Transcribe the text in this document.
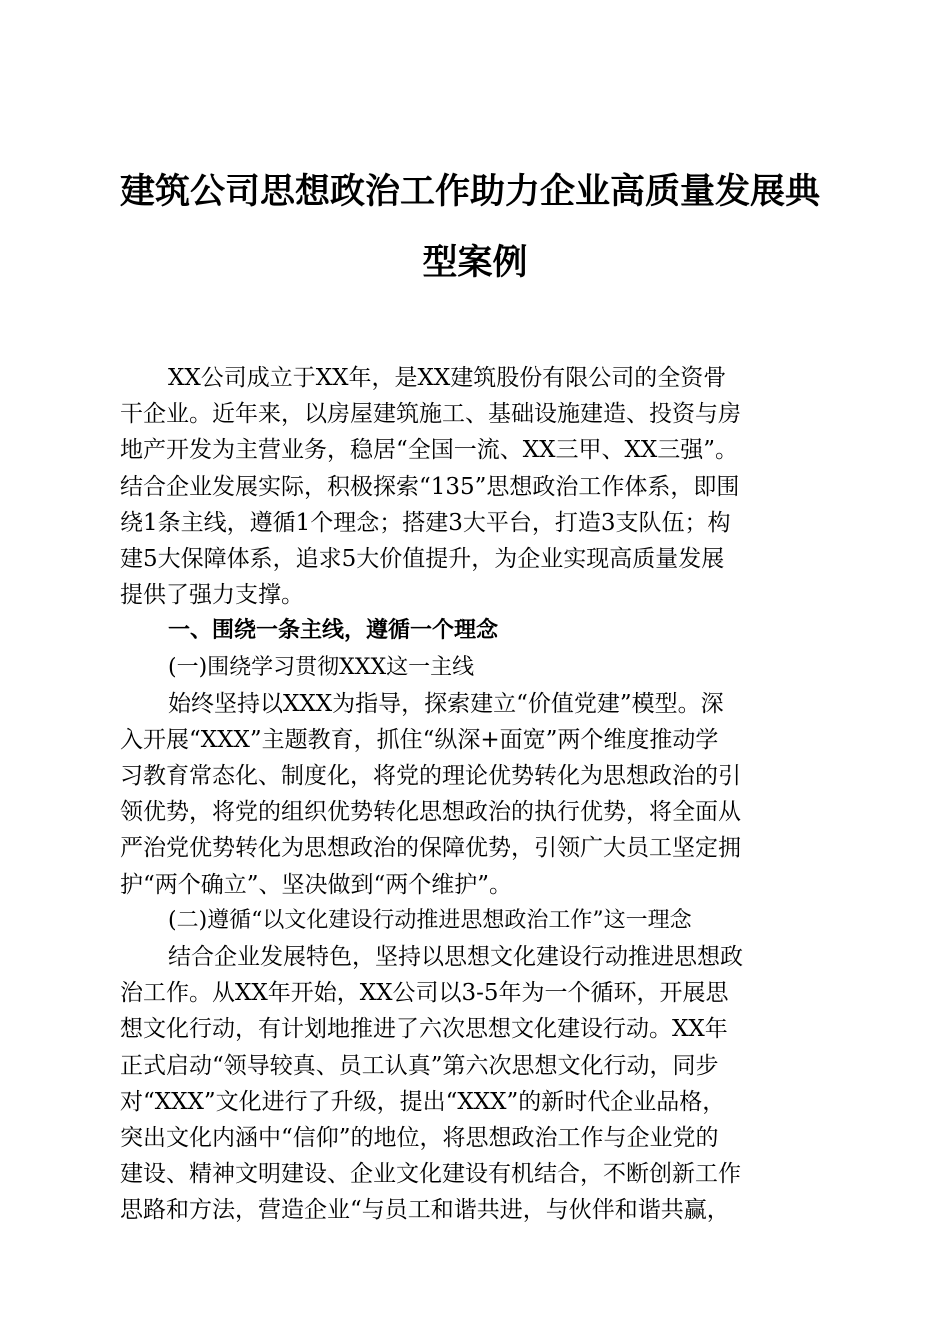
建筑公司思想政治工作助力企业高质量发展典
型案例
XX公司成立于XX年，是XX建筑股份有限公司的全资骨
干企业。近年来，以房屋建筑施工、基础设施建造、投资与房
地产开发为主营业务，稳居“全国一流、XX三甲、XX三强”。
结合企业发展实际，积极探索“135”思想政治工作体系，即围
绕1条主线，遵循1个理念；搭建3大平台，打造3支队伍；构
建5大保障体系，追求5大价值提升，为企业实现高质量发展
提供了强力支撑。
一、围绕一条主线，遵循一个理念
(一)围绕学习贯彻XXX这一主线
始终坚持以XXX为指导，探索建立“价值党建”模型。深
入开展“XXX”主题教育，抓住“纵深+面宽”两个维度推动学
习教育常态化、制度化，将党的理论优势转化为思想政治的引
领优势，将党的组织优势转化思想政治的执行优势，将全面从
严治党优势转化为思想政治的保障优势，引领广大员工坚定拥
护“两个确立”、坚决做到“两个维护”。
(二)遵循“以文化建设行动推进思想政治工作”这一理念
结合企业发展特色，坚持以思想文化建设行动推进思想政
治工作。从XX年开始，XX公司以3-5年为一个循环，开展思
想文化行动，有计划地推进了六次思想文化建设行动。XX年
正式启动“领导较真、员工认真”第六次思想文化行动，同步
对“XXX”文化进行了升级，提出“XXX”的新时代企业品格，
突出文化内涵中“信仰”的地位，将思想政治工作与企业党的
建设、精神文明建设、企业文化建设有机结合，不断创新工作
思路和方法，营造企业“与员工和谐共进，与伙伴和谐共赢，
